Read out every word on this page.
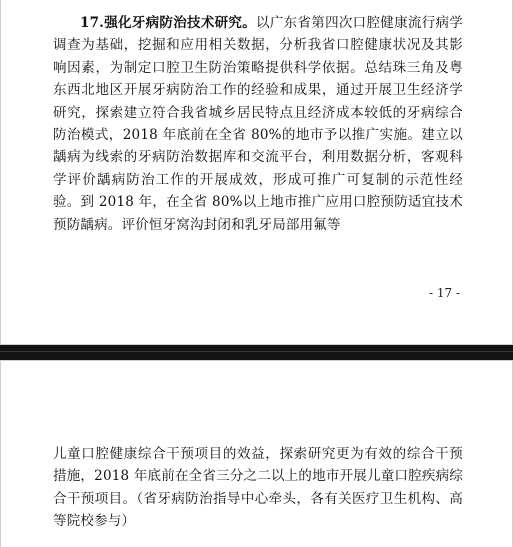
17.强化牙病防治技术研究。以广东省第四次口腔健康流行病学调查为基础，挖掘和应用相关数据，分析我省口腔健康状况及其影响因素，为制定口腔卫生防治策略提供科学依据。总结珠三角及粤东西北地区开展牙病防治工作的经验和成果，通过开展卫生经济学研究，探索建立符合我省城乡居民特点且经济成本较低的牙病综合防治模式，2018 年底前在全省 80%的地市予以推广实施。建立以龋病为线索的牙病防治数据库和交流平台，利用数据分析，客观科学评价龋病防治工作的开展成效，形成可推广可复制的示范性经验。到 2018 年，在全省 80%以上地市推广应用口腔预防适宜技术预防龋病。评价恒牙窝沟封闭和乳牙局部用氟等

- 17 -

儿童口腔健康综合干预项目的效益，探索研究更为有效的综合干预措施，2018 年底前在全省三分之二以上的地市开展儿童口腔疾病综合干预项目。（省牙病防治指导中心牵头，各有关医疗卫生机构、高等院校参与）
